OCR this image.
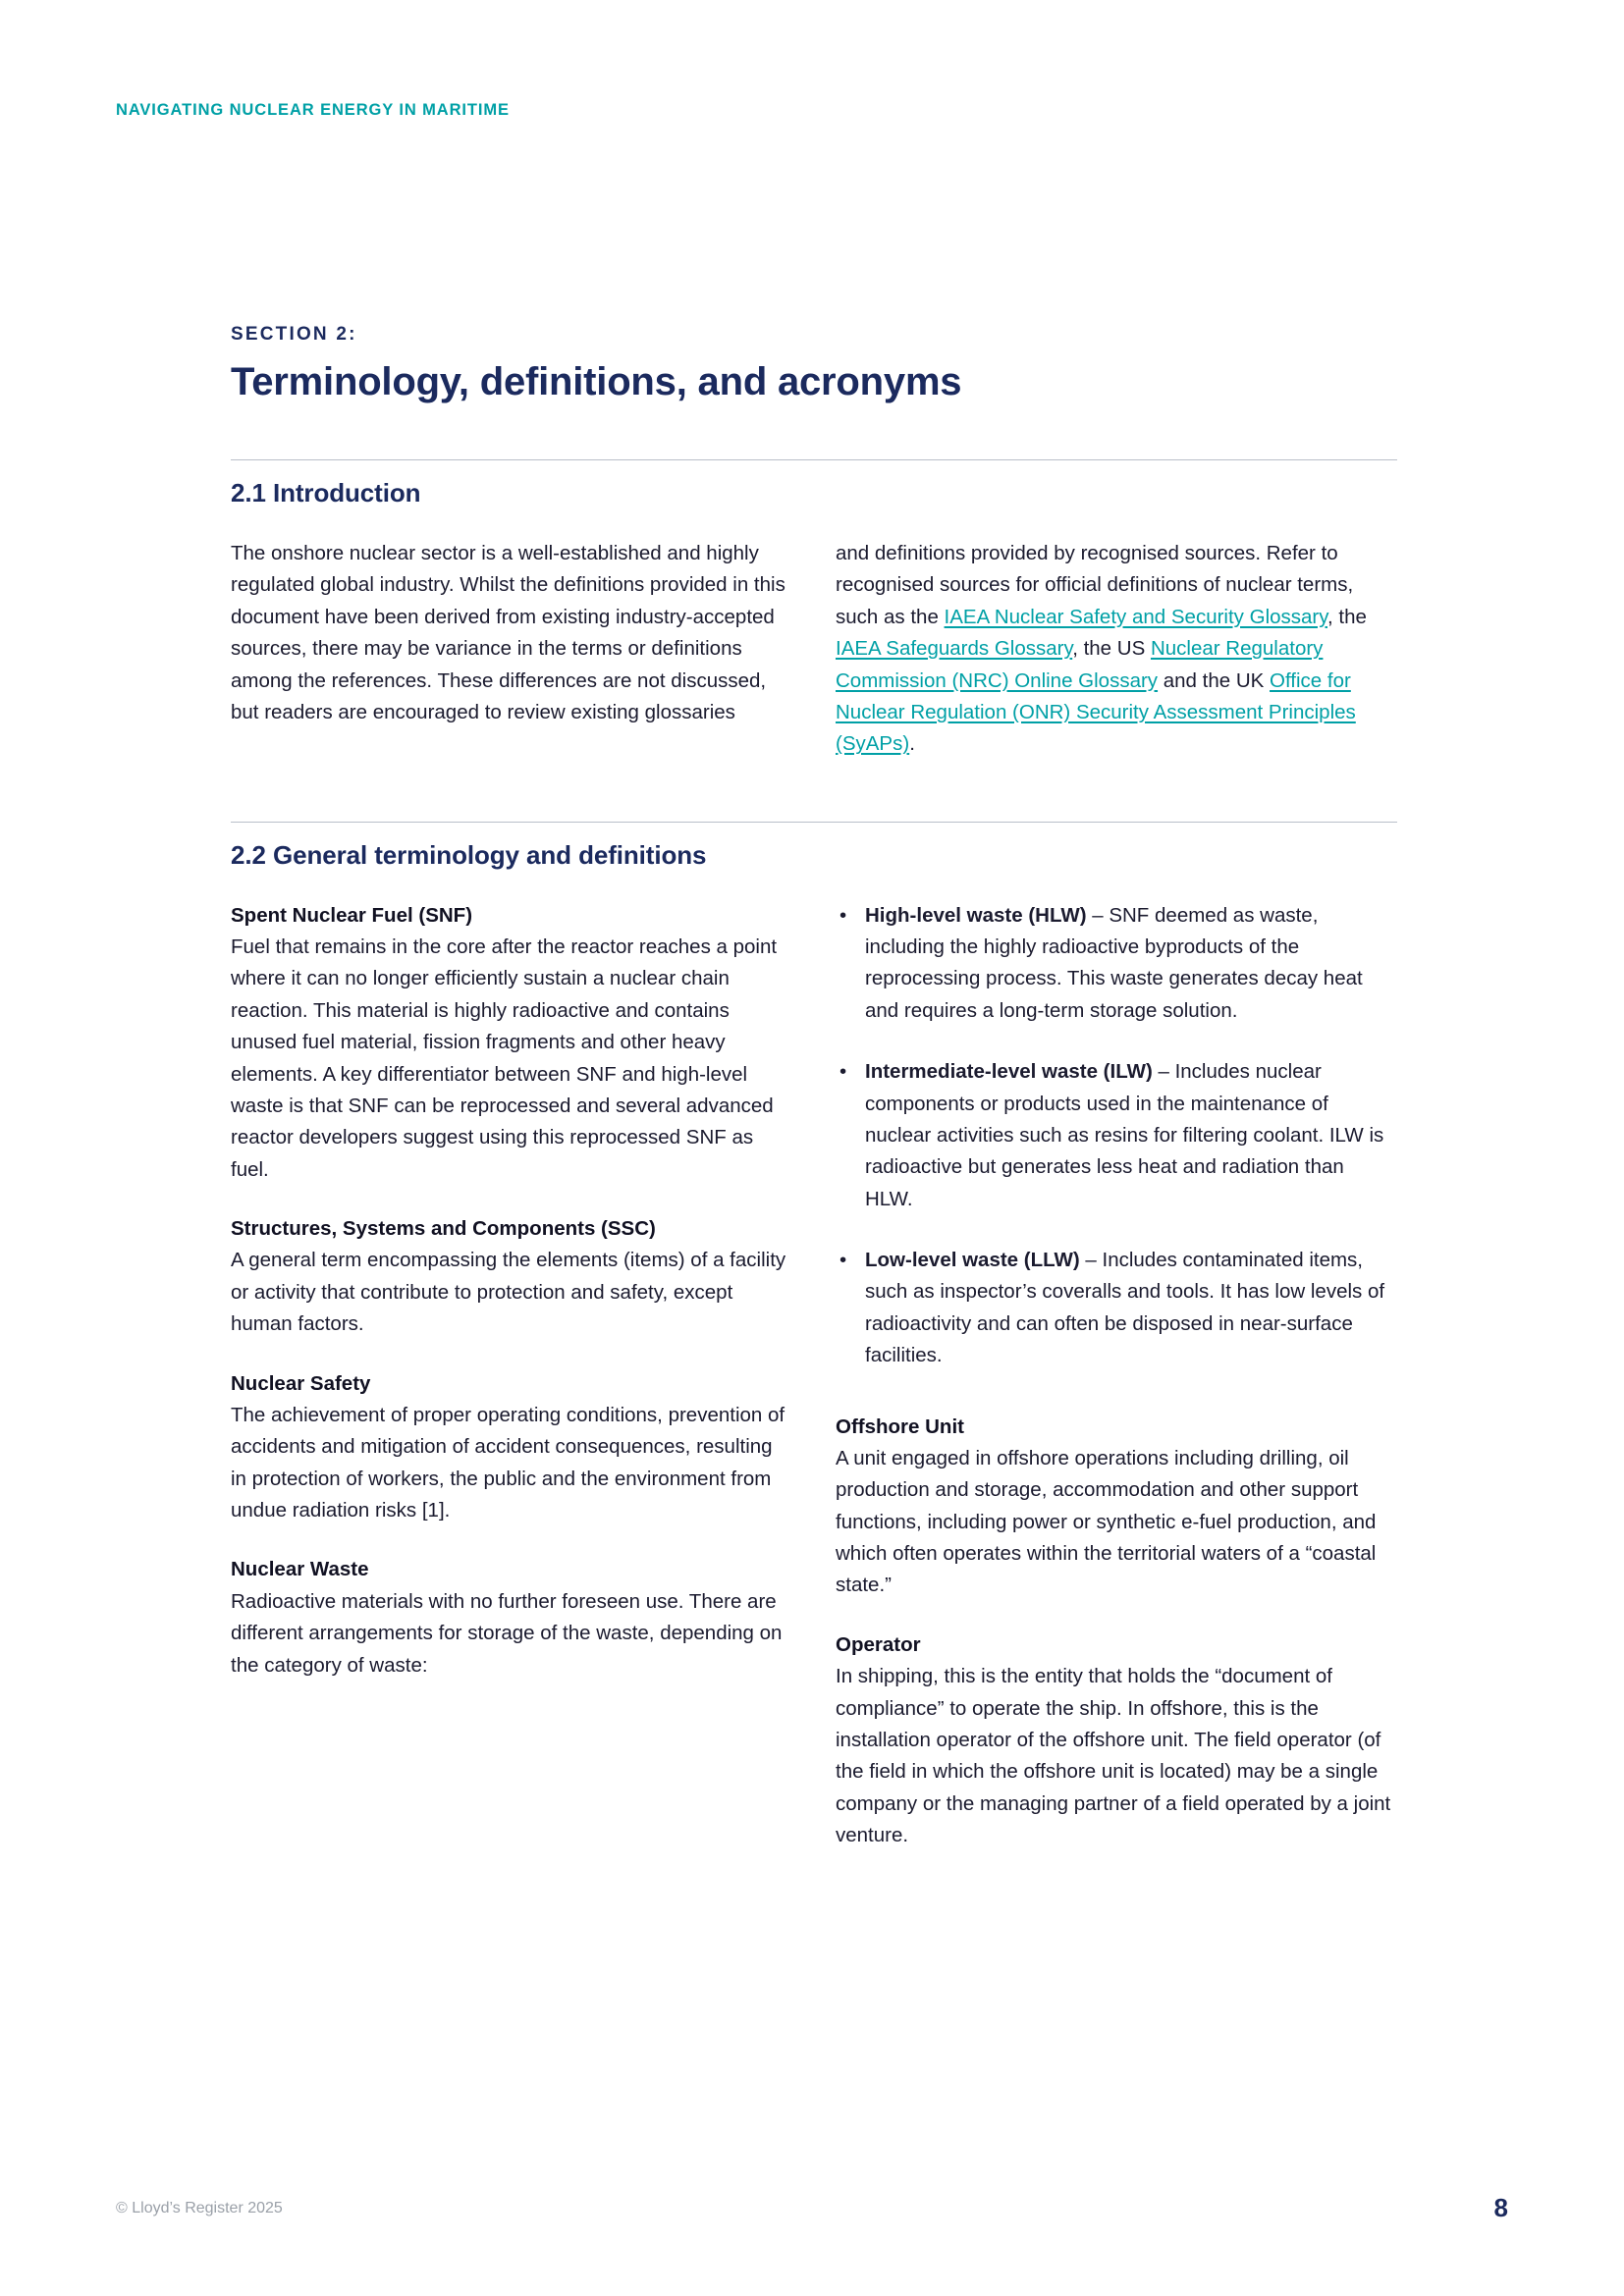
NAVIGATING NUCLEAR ENERGY IN MARITIME
SECTION 2:
Terminology, definitions, and acronyms
2.1 Introduction

The onshore nuclear sector is a well-established and highly regulated global industry. Whilst the definitions provided in this document have been derived from existing industry-accepted sources, there may be variance in the terms or definitions among the references. These differences are not discussed, but readers are encouraged to review existing glossaries

and definitions provided by recognised sources. Refer to recognised sources for official definitions of nuclear terms, such as the IAEA Nuclear Safety and Security Glossary, the IAEA Safeguards Glossary, the US Nuclear Regulatory Commission (NRC) Online Glossary and the UK Office for Nuclear Regulation (ONR) Security Assessment Principles (SyAPs).

2.2 General terminology and definitions

Spent Nuclear Fuel (SNF)

Fuel that remains in the core after the reactor reaches a point where it can no longer efficiently sustain a nuclear chain reaction. This material is highly radioactive and contains unused fuel material, fission fragments and other heavy elements. A key differentiator between SNF and high-level waste is that SNF can be reprocessed and several advanced reactor developers suggest using this reprocessed SNF as fuel.

Structures, Systems and Components (SSC)

A general term encompassing the elements (items) of a facility or activity that contribute to protection and safety, except human factors.

Nuclear Safety

The achievement of proper operating conditions, prevention of accidents and mitigation of accident consequences, resulting in protection of workers, the public and the environment from undue radiation risks [1].

Nuclear Waste

Radioactive materials with no further foreseen use. There are different arrangements for storage of the waste, depending on the category of waste:

• High-level waste (HLW) – SNF deemed as waste, including the highly radioactive byproducts of the reprocessing process. This waste generates decay heat and requires a long-term storage solution.
• Intermediate-level waste (ILW) – Includes nuclear components or products used in the maintenance of nuclear activities such as resins for filtering coolant. ILW is radioactive but generates less heat and radiation than HLW.
• Low-level waste (LLW) – Includes contaminated items, such as inspector’s coveralls and tools. It has low levels of radioactivity and can often be disposed in near-surface facilities.

Offshore Unit

A unit engaged in offshore operations including drilling, oil production and storage, accommodation and other support functions, including power or synthetic e-fuel production, and which often operates within the territorial waters of a “coastal state.”

Operator

In shipping, this is the entity that holds the “document of compliance” to operate the ship. In offshore, this is the installation operator of the offshore unit. The field operator (of the field in which the offshore unit is located) may be a single company or the managing partner of a field operated by a joint venture.

© Lloyd’s Register 2025	8
